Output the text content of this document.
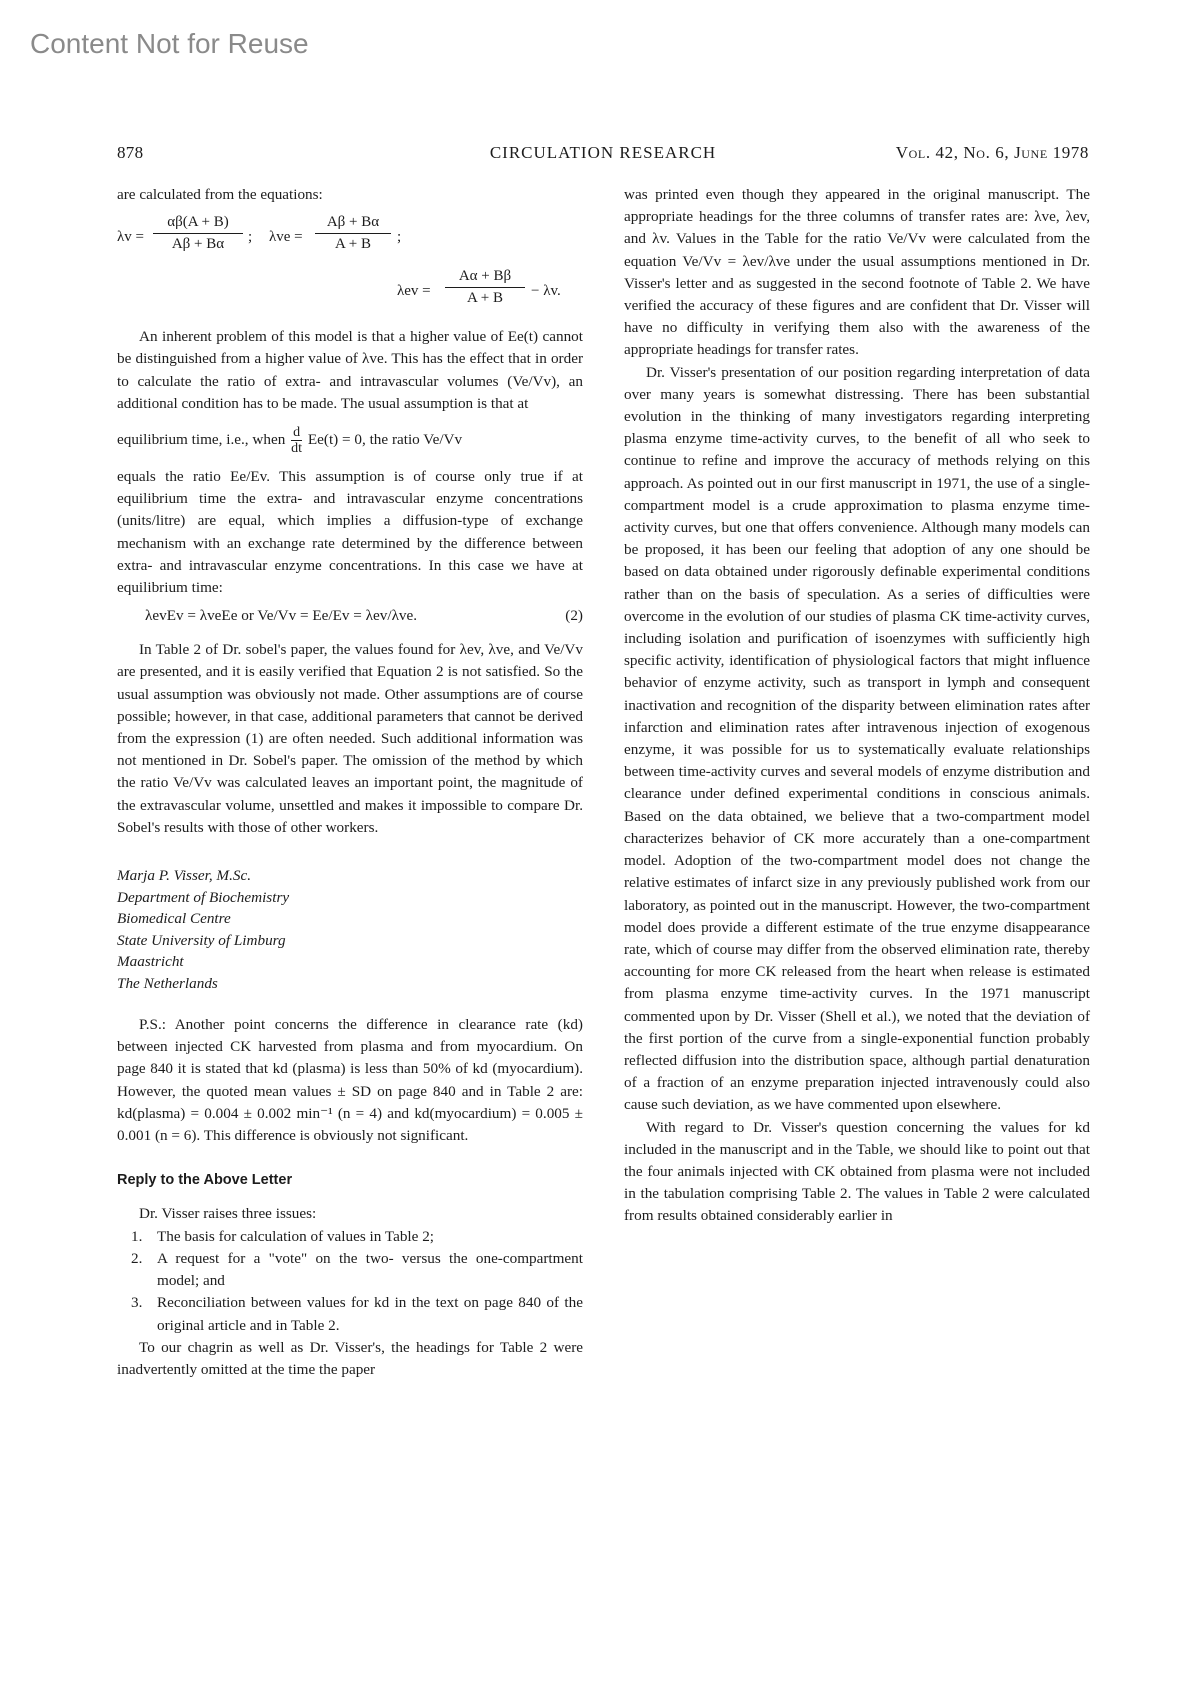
Content Not for Reuse
878	CIRCULATION RESEARCH	Vol. 42, No. 6, June 1978

are calculated from the equations:

$\lambda v = \frac{\alpha\beta(A + B)}{A\beta + B\alpha}$ ; $\lambda ve = \frac{A\beta + B\alpha}{A + B}$ ;
$\lambda ev = \frac{A\alpha + B\beta}{A + B} - \lambda v$.

An inherent problem of this model is that a higher value of Ee(t) cannot be distinguished from a higher value of λve. This has the effect that in order to calculate the ratio of extra- and intravascular volumes (Ve/Vv), an additional condition has to be made. The usual assumption is that at

equilibrium time, i.e., when $\frac{d}{dt} Ee(t) = 0$, the ratio Ve/Vv

equals the ratio Ee/Ev. This assumption is of course only true if at equilibrium time the extra- and intravascular enzyme concentrations (units/litre) are equal, which implies a diffusion-type of exchange mechanism with an exchange rate determined by the difference between extra- and intravascular enzyme concentrations. In this case we have at equilibrium time:

λevEv = λveEe or Ve/Vv = Ee/Ev = λev/λve.	(2)

In Table 2 of Dr. sobel's paper, the values found for λev, λve, and Ve/Vv are presented, and it is easily verified that Equation 2 is not satisfied. So the usual assumption was obviously not made. Other assumptions are of course possible; however, in that case, additional parameters that cannot be derived from the expression (1) are often needed. Such additional information was not mentioned in Dr. Sobel's paper. The omission of the method by which the ratio Ve/Vv was calculated leaves an important point, the magnitude of the extravascular volume, unsettled and makes it impossible to compare Dr. Sobel's results with those of other workers.

Marja P. Visser, M.Sc.
Department of Biochemistry
Biomedical Centre
State University of Limburg
Maastricht
The Netherlands

P.S.: Another point concerns the difference in clearance rate (kd) between injected CK harvested from plasma and from myocardium. On page 840 it is stated that kd (plasma) is less than 50% of kd (myocardium). However, the quoted mean values ± SD on page 840 and in Table 2 are: kd(plasma) = 0.004 ± 0.002 min⁻¹ (n = 4) and kd(myocardium) = 0.005 ± 0.001 (n = 6). This difference is obviously not significant.

Reply to the Above Letter

Dr. Visser raises three issues:

1. The basis for calculation of values in Table 2;
2. A request for a "vote" on the two- versus the one-compartment model; and
3. Reconciliation between values for kd in the text on page 840 of the original article and in Table 2.

To our chagrin as well as Dr. Visser's, the headings for Table 2 were inadvertently omitted at the time the paper

was printed even though they appeared in the original manuscript. The appropriate headings for the three columns of transfer rates are: λve, λev, and λv. Values in the Table for the ratio Ve/Vv were calculated from the equation Ve/Vv = λev/λve under the usual assumptions mentioned in Dr. Visser's letter and as suggested in the second footnote of Table 2. We have verified the accuracy of these figures and are confident that Dr. Visser will have no difficulty in verifying them also with the awareness of the appropriate headings for transfer rates.

Dr. Visser's presentation of our position regarding interpretation of data over many years is somewhat distressing. There has been substantial evolution in the thinking of many investigators regarding interpreting plasma enzyme time-activity curves, to the benefit of all who seek to continue to refine and improve the accuracy of methods relying on this approach. As pointed out in our first manuscript in 1971, the use of a single-compartment model is a crude approximation to plasma enzyme time-activity curves, but one that offers convenience. Although many models can be proposed, it has been our feeling that adoption of any one should be based on data obtained under rigorously definable experimental conditions rather than on the basis of speculation. As a series of difficulties were overcome in the evolution of our studies of plasma CK time-activity curves, including isolation and purification of isoenzymes with sufficiently high specific activity, identification of physiological factors that might influence behavior of enzyme activity, such as transport in lymph and consequent inactivation and recognition of the disparity between elimination rates after infarction and elimination rates after intravenous injection of exogenous enzyme, it was possible for us to systematically evaluate relationships between time-activity curves and several models of enzyme distribution and clearance under defined experimental conditions in conscious animals. Based on the data obtained, we believe that a two-compartment model characterizes behavior of CK more accurately than a one-compartment model. Adoption of the two-compartment model does not change the relative estimates of infarct size in any previously published work from our laboratory, as pointed out in the manuscript. However, the two-compartment model does provide a different estimate of the true enzyme disappearance rate, which of course may differ from the observed elimination rate, thereby accounting for more CK released from the heart when release is estimated from plasma enzyme time-activity curves. In the 1971 manuscript commented upon by Dr. Visser (Shell et al.), we noted that the deviation of the first portion of the curve from a single-exponential function probably reflected diffusion into the distribution space, although partial denaturation of a fraction of an enzyme preparation injected intravenously could also cause such deviation, as we have commented upon elsewhere.

With regard to Dr. Visser's question concerning the values for kd included in the manuscript and in the Table, we should like to point out that the four animals injected with CK obtained from plasma were not included in the tabulation comprising Table 2. The values in Table 2 were calculated from results obtained considerably earlier in
